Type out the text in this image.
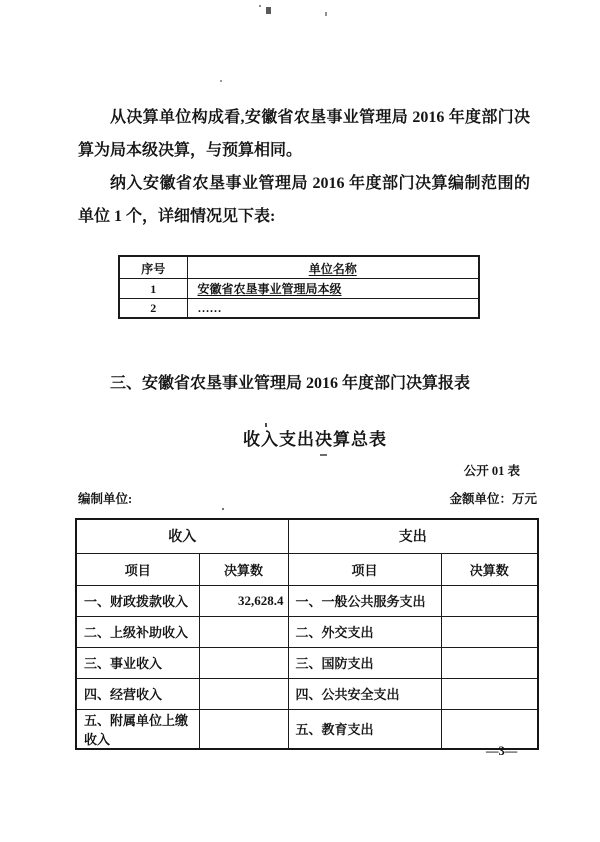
从决算单位构成看,安徽省农垦事业管理局 2016 年度部门决
算为局本级决算，与预算相同。
纳入安徽省农垦事业管理局 2016 年度部门决算编制范围的
单位 1 个，详细情况见下表:
序号	单位名称
1	安徽省农垦事业管理局本级
2	……
三、安徽省农垦事业管理局 2016 年度部门决算报表
收入支出决算总表
公开 01 表
编制单位:	金额单位：万元
收入		支出	
项目	决算数	项目	决算数
一、财政拨款收入	32,628.4	一、一般公共服务支出	
二、上级补助收入		二、外交支出	
三、事业收入		三、国防支出	
四、经营收入		四、公共安全支出	
五、附属单位上缴收入		五、教育支出	
—3—
